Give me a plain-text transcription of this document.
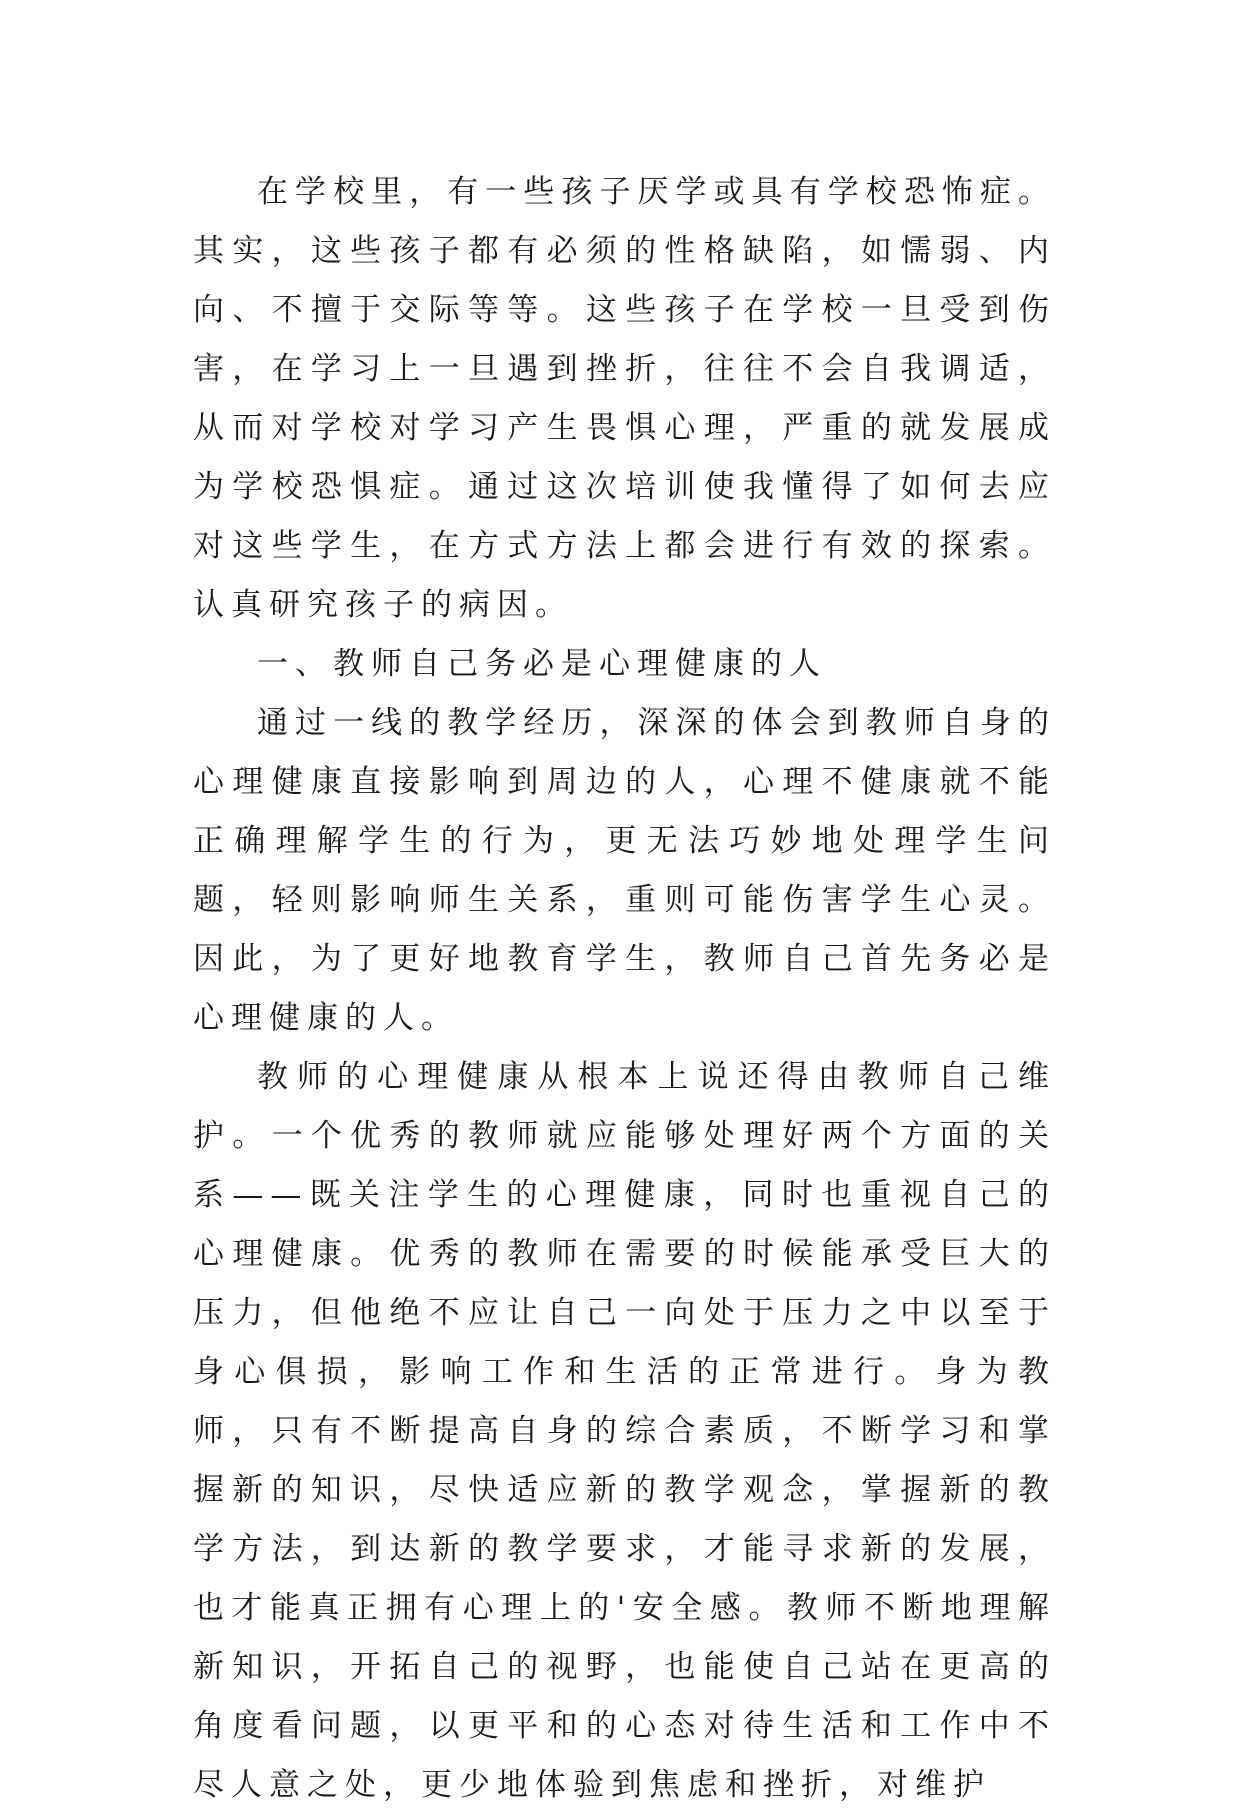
在学校里，有一些孩子厌学或具有学校恐怖症。其实，这些孩子都有必须的性格缺陷，如懦弱、内向、不擅于交际等等。这些孩子在学校一旦受到伤害，在学习上一旦遇到挫折，往往不会自我调适，从而对学校对学习产生畏惧心理，严重的就发展成为学校恐惧症。通过这次培训使我懂得了如何去应对这些学生，在方式方法上都会进行有效的探索。认真研究孩子的病因。

一、教师自己务必是心理健康的人

通过一线的教学经历，深深的体会到教师自身的心理健康直接影响到周边的人，心理不健康就不能正确理解学生的行为，更无法巧妙地处理学生问题，轻则影响师生关系，重则可能伤害学生心灵。因此，为了更好地教育学生，教师自己首先务必是心理健康的人。

教师的心理健康从根本上说还得由教师自己维护。一个优秀的教师就应能够处理好两个方面的关系——既关注学生的心理健康，同时也重视自己的心理健康。优秀的教师在需要的时候能承受巨大的压力，但他绝不应让自己一向处于压力之中以至于身心俱损，影响工作和生活的正常进行。身为教师，只有不断提高自身的综合素质，不断学习和掌握新的知识，尽快适应新的教学观念，掌握新的教学方法，到达新的教学要求，才能寻求新的发展，也才能真正拥有心理上的'安全感。教师不断地理解新知识，开拓自己的视野，也能使自己站在更高的角度看问题，以更平和的心态对待生活和工作中不尽人意之处，更少地体验到焦虑和挫折，对维护
